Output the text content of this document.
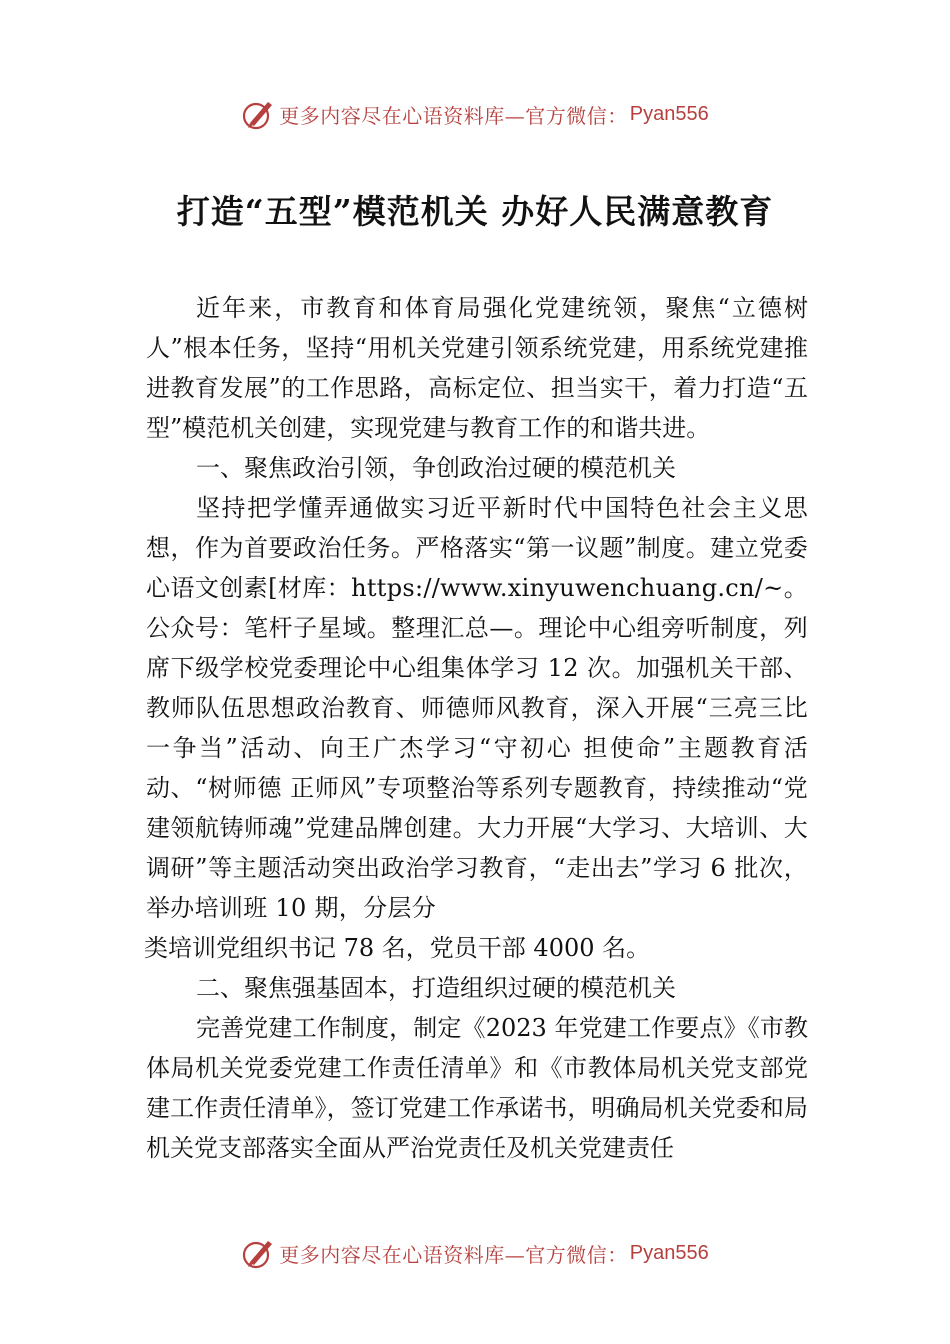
更多内容尽在心语资料库—官方微信： Pyan556
打造“五型”模范机关 办好人民满意教育

近年来，市教育和体育局强化党建统领，聚焦“立德树人”根本任务，坚持“用机关党建引领系统党建，用系统党建推进教育发展”的工作思路，高标定位、担当实干，着力打造“五型”模范机关创建，实现党建与教育工作的和谐共进。

一、聚焦政治引领，争创政治过硬的模范机关

坚持把学懂弄通做实习近平新时代中国特色社会主义思想，作为首要政治任务。严格落实“第一议题”制度。建立党委心语文创素[材库：https://www.xinyuwenchuang.cn/~。公众号：笔杆子星域。整理汇总—。理论中心组旁听制度，列席下级学校党委理论中心组集体学习 12 次。加强机关干部、教师队伍思想政治教育、师德师风教育，深入开展“三亮三比一争当”活动、向王广杰学习“守初心 担使命”主题教育活动、“树师德 正师风”专项整治等系列专题教育，持续推动“党建领航铸师魂”党建品牌创建。大力开展“大学习、大培训、大调研”等主题活动突出政治学习教育，“走出去”学习 6 批次，举办培训班 10 期，分层分

类培训党组织书记 78 名，党员干部 4000 名。

二、聚焦强基固本，打造组织过硬的模范机关

完善党建工作制度，制定《2023 年党建工作要点》《市教体局机关党委党建工作责任清单》和《市教体局机关党支部党建工作责任清单》，签订党建工作承诺书，明确局机关党委和局机关党支部落实全面从严治党责任及机关党建责任

更多内容尽在心语资料库—官方微信： Pyan556
